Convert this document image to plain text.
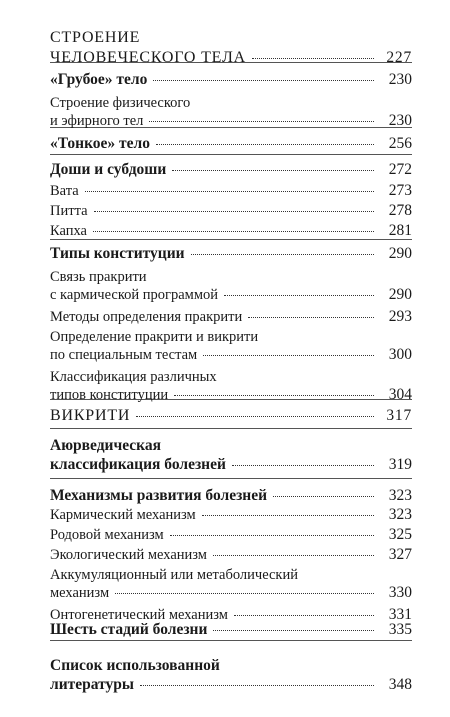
СТРОЕНИЕ
ЧЕЛОВЕЧЕСКОГО ТЕЛА	227
«Грубое» тело	230
Строение физического
и эфирного тел	230
«Тонкое» тело	256
Доши и субдоши	272
Вата	273
Питта	278
Капха	281
Типы конституции	290
Связь пракрити
с кармической программой	290
Методы определения пракрити	293
Определение пракрити и викрити
по специальным тестам	300
Классификация различных
типов конституции	304
ВИКРИТИ	317
Аюрведическая
классификация болезней	319
Механизмы развития болезней	323
Кармический механизм	323
Родовой механизм	325
Экологический механизм	327
Аккумуляционный или метаболический
механизм	330
Онтогенетический механизм	331
Шесть стадий болезни	335
Список использованной
литературы	348
